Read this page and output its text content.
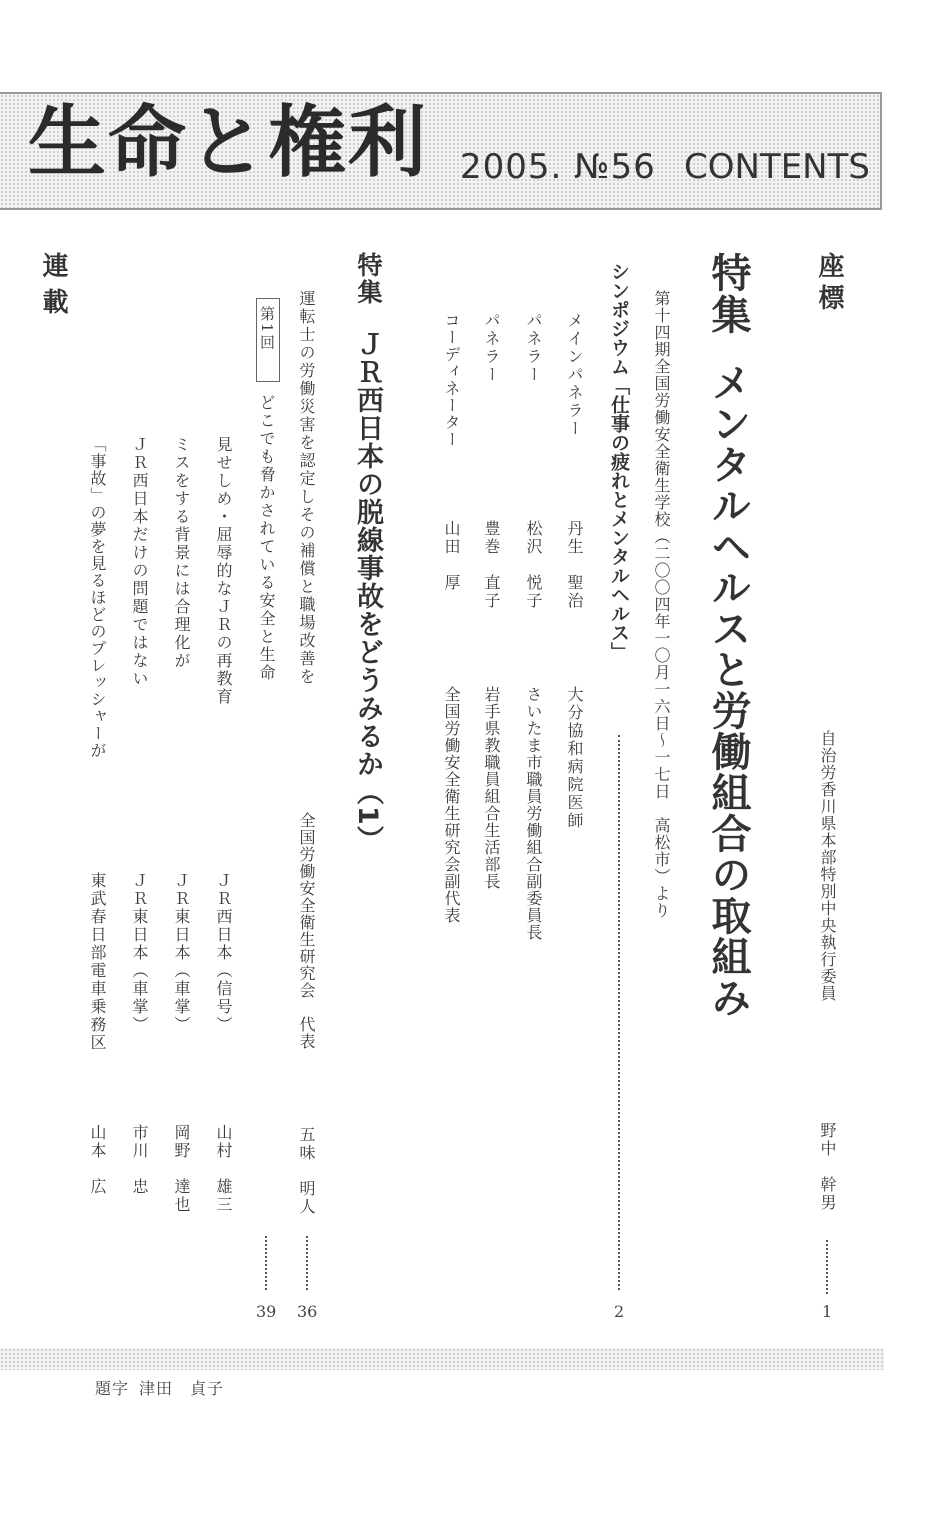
生命と権利 2005. №56 CONTENTS
座標
自治労香川県本部特別中央執行委員
野中　幹男
1
特集
メンタルヘルスと労働組合の取組み
第十四期全国労働安全衛生学校（二〇〇四年一〇月一六日〜一七日　高松市）より
シンポジウム「仕事の疲れとメンタルヘルス」
2
メインパネラー
丹生　聖治
大分協和病院医師
パネラー
松沢　悦子
さいたま市職員労働組合副委員長
パネラー
豊巻　直子
岩手県教職員組合生活部長
コーディネーター
山田　厚
全国労働安全衛生研究会副代表
特集
ＪＲ西日本の脱線事故をどうみるか（1）
運転士の労働災害を認定しその補償と職場改善を
全国労働安全衛生研究会　代表
五味　明人
36
第1回
どこでも脅かされている安全と生命
39
見せしめ・屈辱的なＪＲの再教育
ＪＲ西日本（信号）
山村　雄三
ミスをする背景には合理化が
ＪＲ東日本（車掌）
岡野　達也
ＪＲ西日本だけの問題ではない
ＪＲ東日本（車掌）
市川　忠
「事故」の夢を見るほどのプレッシャーが
東武春日部電車乗務区
山本　広
連載
題字 津田　貞子
